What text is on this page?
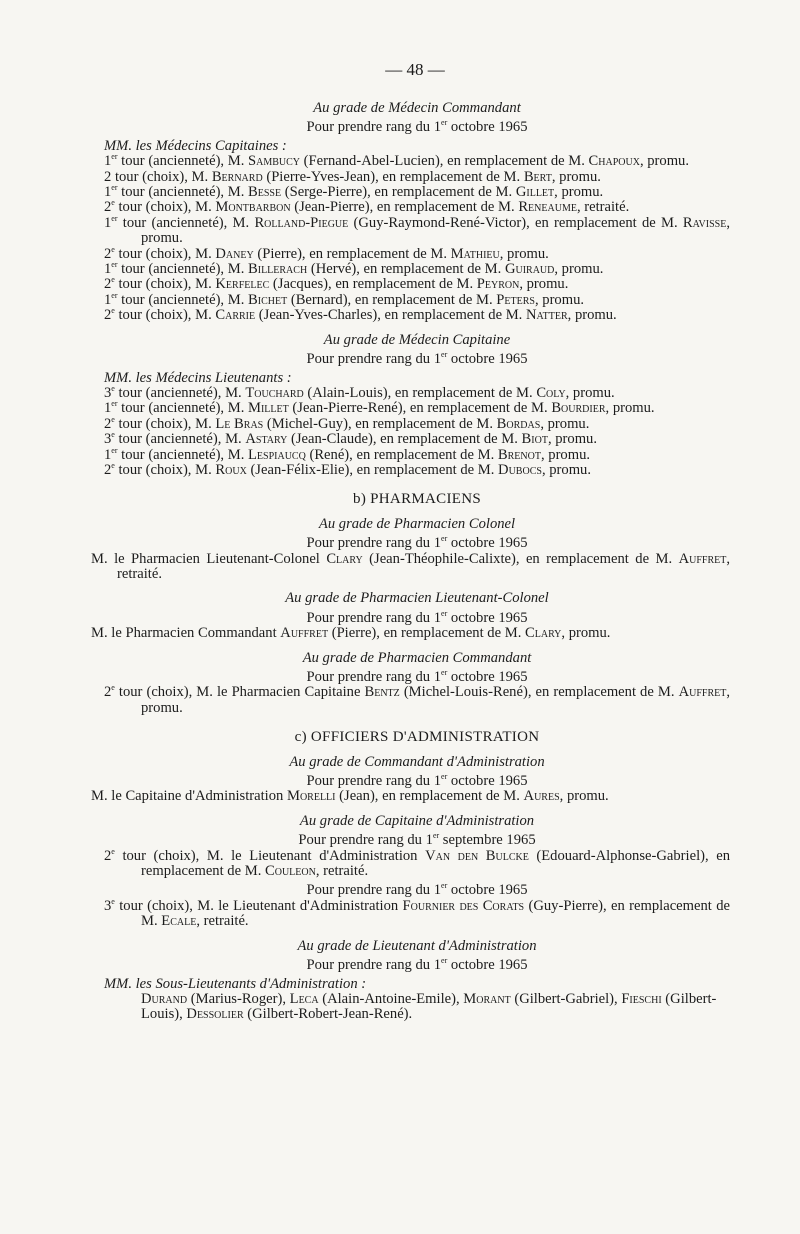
— 48 —
Au grade de Médecin Commandant
Pour prendre rang du 1er octobre 1965
MM. les Médecins Capitaines :
1er tour (ancienneté), M. Sambucy (Fernand-Abel-Lucien), en remplacement de M. Chapoux, promu.
2 tour (choix), M. Bernard (Pierre-Yves-Jean), en remplacement de M. Bert, promu.
1er tour (ancienneté), M. Besse (Serge-Pierre), en remplacement de M. Gillet, promu.
2e tour (choix), M. Montbarbon (Jean-Pierre), en remplacement de M. Reneaume, retraité.
1er tour (ancienneté), M. Rolland-Piegue (Guy-Raymond-René-Victor), en remplacement de M. Ravisse, promu.
2e tour (choix), M. Daney (Pierre), en remplacement de M. Mathieu, promu.
1er tour (ancienneté), M. Billerach (Hervé), en remplacement de M. Guiraud, promu.
2e tour (choix), M. Kerfelec (Jacques), en remplacement de M. Peyron, promu.
1er tour (ancienneté), M. Bichet (Bernard), en remplacement de M. Peters, promu.
2e tour (choix), M. Carrie (Jean-Yves-Charles), en remplacement de M. Natter, promu.
Au grade de Médecin Capitaine
Pour prendre rang du 1er octobre 1965
MM. les Médecins Lieutenants :
3e tour (ancienneté), M. Touchard (Alain-Louis), en remplacement de M. Coly, promu.
1er tour (ancienneté), M. Millet (Jean-Pierre-René), en remplacement de M. Bourdier, promu.
2e tour (choix), M. Le Bras (Michel-Guy), en remplacement de M. Bordas, promu.
3e tour (ancienneté), M. Astary (Jean-Claude), en remplacement de M. Biot, promu.
1er tour (ancienneté), M. Lespiaucq (René), en remplacement de M. Brenot, promu.
2e tour (choix), M. Roux (Jean-Félix-Elie), en remplacement de M. Dubocs, promu.
b) PHARMACIENS
Au grade de Pharmacien Colonel
Pour prendre rang du 1er octobre 1965
M. le Pharmacien Lieutenant-Colonel Clary (Jean-Théophile-Calixte), en remplacement de M. Auffret, retraité.
Au grade de Pharmacien Lieutenant-Colonel
Pour prendre rang du 1er octobre 1965
M. le Pharmacien Commandant Auffret (Pierre), en remplacement de M. Clary, promu.
Au grade de Pharmacien Commandant
Pour prendre rang du 1er octobre 1965
2e tour (choix), M. le Pharmacien Capitaine Bentz (Michel-Louis-René), en remplacement de M. Auffret, promu.
c) OFFICIERS D'ADMINISTRATION
Au grade de Commandant d'Administration
Pour prendre rang du 1er octobre 1965
M. le Capitaine d'Administration Morelli (Jean), en remplacement de M. Aures, promu.
Au grade de Capitaine d'Administration
Pour prendre rang du 1er septembre 1965
2e tour (choix), M. le Lieutenant d'Administration Van den Bulcke (Edouard-Alphonse-Gabriel), en remplacement de M. Couleon, retraité.
Pour prendre rang du 1er octobre 1965
3e tour (choix), M. le Lieutenant d'Administration Fournier des Corats (Guy-Pierre), en remplacement de M. Ecale, retraité.
Au grade de Lieutenant d'Administration
Pour prendre rang du 1er octobre 1965
MM. les Sous-Lieutenants d'Administration :
Durand (Marius-Roger), Leca (Alain-Antoine-Emile), Morant (Gilbert-Gabriel), Fieschi (Gilbert-Louis), Dessolier (Gilbert-Robert-Jean-René).
